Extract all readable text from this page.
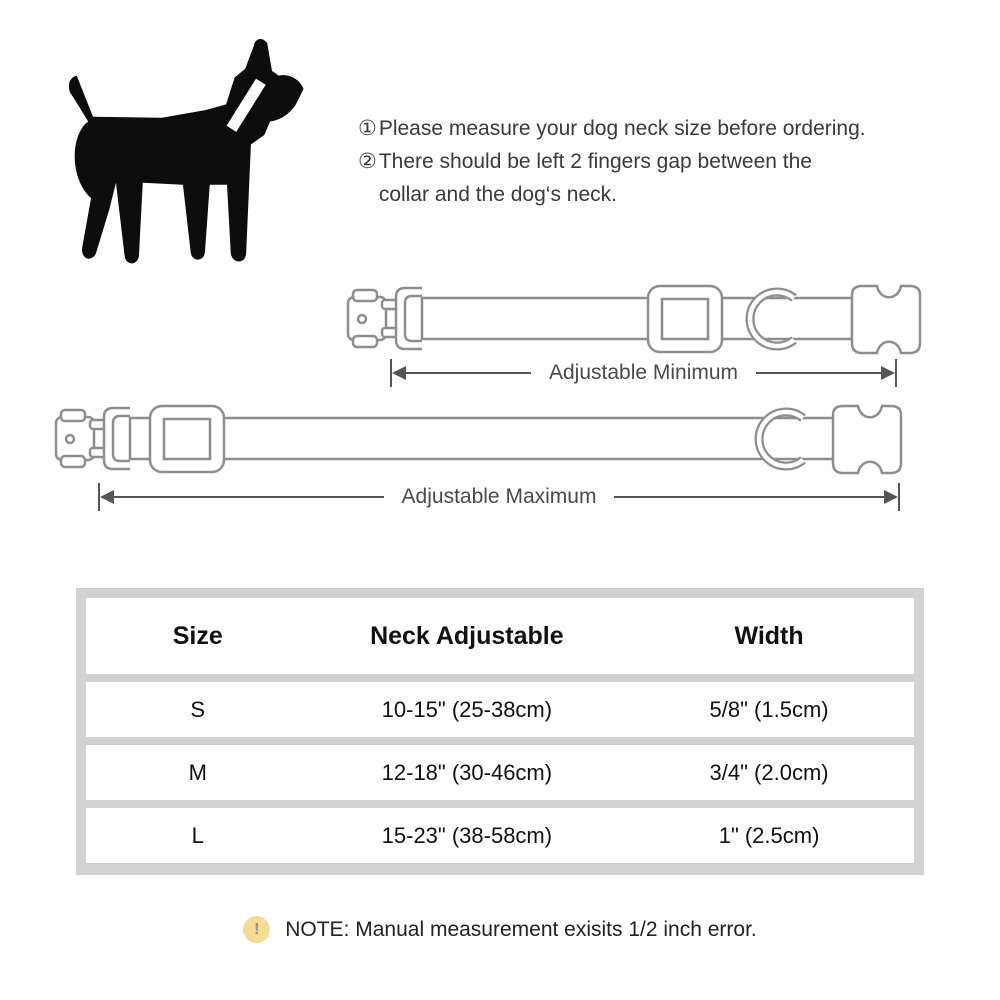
① Please measure your dog neck size before ordering.
② There should be left 2 fingers gap between the
collar and the dog‘s neck.
Adjustable Minimum
Adjustable Maximum
Size	Neck Adjustable	Width
S	10-15" (25-38cm)	5/8" (1.5cm)
M	12-18" (30-46cm)	3/4" (2.0cm)
L	15-23" (38-58cm)	1" (2.5cm)
!	NOTE: Manual measurement exisits 1/2 inch error.
